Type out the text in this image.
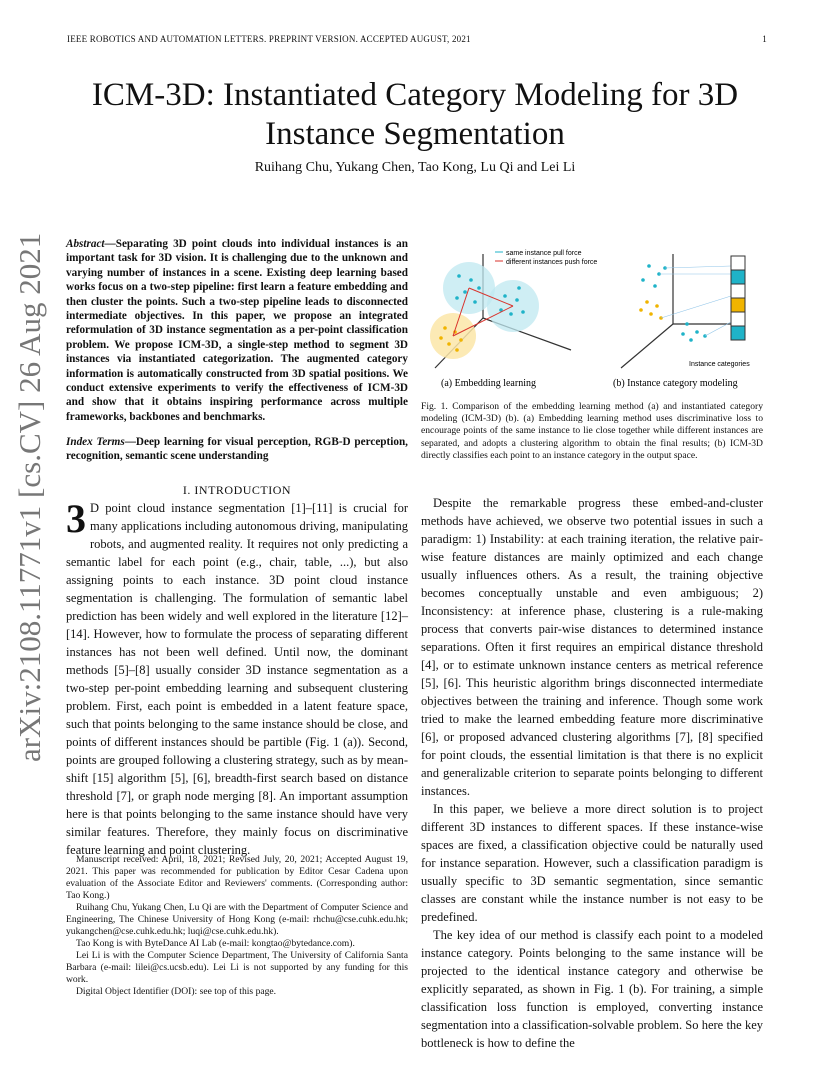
IEEE ROBOTICS AND AUTOMATION LETTERS. PREPRINT VERSION. ACCEPTED AUGUST, 2021	1
ICM-3D: Instantiated Category Modeling for 3D Instance Segmentation
Ruihang Chu, Yukang Chen, Tao Kong, Lu Qi and Lei Li
arXiv:2108.11771v1 [cs.CV] 26 Aug 2021	Abstract—Separating 3D point clouds into individual instances is an important task for 3D vision. It is challenging due to the unknown and varying number of instances in a scene. Existing deep learning based works focus on a two-step pipeline: first learn a feature embedding and then cluster the points. Such a two-step pipeline leads to disconnected intermediate objectives. In this paper, we propose an integrated reformulation of 3D instance segmentation as a per-point classification problem. We propose ICM-3D, a single-step method to segment 3D instances via instantiated categorization. The augmented category information is automatically constructed from 3D spatial positions. We conduct extensive experiments to verify the effectiveness of ICM-3D and show that it obtains inspiring performance across multiple frameworks, backbones and benchmarks.
Index Terms—Deep learning for visual perception, RGB-D perception, recognition, semantic scene understanding
I. INTRODUCTION
3 D point cloud instance segmentation [1]–[11] is crucial for many applications including autonomous driving, manipulating robots, and augmented reality. It requires not only predicting a semantic label for each point (e.g., chair, table, ...), but also assigning points to each instance. 3D point cloud instance segmentation is challenging. The formulation of semantic label prediction has been widely and well explored in the literature [12]–[14]. However, how to formulate the process of separating different instances has not been well defined. Until now, the dominant methods [5]–[8] usually consider 3D instance segmentation as a two-step per-point embedding learning and subsequent clustering problem. First, each point is embedded in a latent feature space, such that points belonging to the same instance should be close, and points of different instances should be partible (Fig. 1 (a)). Second, points are grouped following a clustering strategy, such as by mean-shift [15] algorithm [5], [6], breadth-first search based on distance threshold [7], or graph node merging [8]. An important assumption here is that points belonging to the same instance should have very similar features. Therefore, they mainly focus on discriminative feature learning and point clustering.

Manuscript received: April, 18, 2021; Revised July, 20, 2021; Accepted August 19, 2021. This paper was recommended for publication by Editor Cesar Cadena upon evaluation of the Associate Editor and Reviewers' comments. (Corresponding author: Tao Kong.)

Ruihang Chu, Yukang Chen, Lu Qi are with the Department of Computer Science and Engineering, The Chinese University of Hong Kong (e-mail: rhchu@cse.cuhk.edu.hk; yukangchen@cse.cuhk.edu.hk; luqi@cse.cuhk.edu.hk).

Tao Kong is with ByteDance AI Lab (e-mail: kongtao@bytedance.com).

Lei Li is with the Computer Science Department, The University of California Santa Barbara (e-mail: lilei@cs.ucsb.edu). Lei Li is not supported by any funding for this work.

Digital Object Identifier (DOI): see top of this page.

same instance pull force
different instances push force
Instance categories
(a) Embedding learning	(b) Instance category modeling
Fig. 1. Comparison of the embedding learning method (a) and instantiated category modeling (ICM-3D) (b). (a) Embedding learning method uses discriminative loss to encourage points of the same instance to lie close together while different instances are separated, and adopts a clustering algorithm to obtain the final results; (b) ICM-3D directly classifies each point to an instance category in the output space.

Despite the remarkable progress these embed-and-cluster methods have achieved, we observe two potential issues in such a paradigm: 1) Instability: at each training iteration, the relative pair-wise feature distances are mainly optimized and each change usually influences others. As a result, the training objective becomes conceptually unstable and even ambiguous; 2) Inconsistency: at inference phase, clustering is a rule-making process that converts pair-wise distances to determined instance separations. Often it first requires an empirical distance threshold [4], or to estimate unknown instance centers as metrical reference [5], [6]. This heuristic algorithm brings disconnected intermediate objectives between the training and inference. Though some work tried to make the learned embedding feature more discriminative [6], or proposed advanced clustering algorithms [7], [8] specified for point clouds, the essential limitation is that there is no explicit and generalizable criterion to separate points belonging to different instances.

In this paper, we believe a more direct solution is to project different 3D instances to different spaces. If these instance-wise spaces are fixed, a classification objective could be naturally used for instance separation. However, such a classification paradigm is usually specific to 3D semantic segmentation, since semantic classes are constant while the instance number is not easy to be predefined.

The key idea of our method is classify each point to a modeled instance category. Points belonging to the same instance will be projected to the identical instance category and otherwise be explicitly separated, as shown in Fig. 1 (b). For training, a simple classification loss function is employed, converting instance segmentation into a classification-solvable problem. So here the key bottleneck is how to define the
